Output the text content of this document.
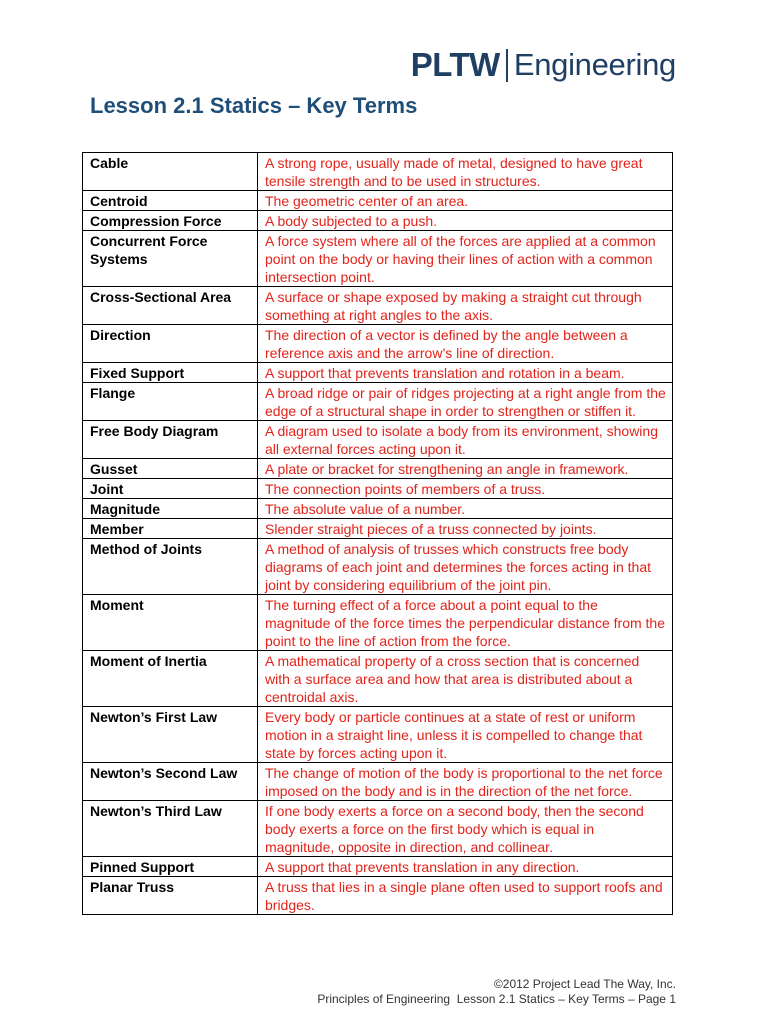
PLTW Engineering
Lesson 2.1 Statics – Key Terms
Cable	A strong rope, usually made of metal, designed to have great tensile strength and to be used in structures.
Centroid	The geometric center of an area.
Compression Force	A body subjected to a push.
Concurrent Force Systems	A force system where all of the forces are applied at a common point on the body or having their lines of action with a common intersection point.
Cross-Sectional Area	A surface or shape exposed by making a straight cut through something at right angles to the axis.
Direction	The direction of a vector is defined by the angle between a reference axis and the arrow’s line of direction.
Fixed Support	A support that prevents translation and rotation in a beam.
Flange	A broad ridge or pair of ridges projecting at a right angle from the edge of a structural shape in order to strengthen or stiffen it.
Free Body Diagram	A diagram used to isolate a body from its environment, showing all external forces acting upon it.
Gusset	A plate or bracket for strengthening an angle in framework.
Joint	The connection points of members of a truss.
Magnitude	The absolute value of a number.
Member	Slender straight pieces of a truss connected by joints.
Method of Joints	A method of analysis of trusses which constructs free body diagrams of each joint and determines the forces acting in that joint by considering equilibrium of the joint pin.
Moment	The turning effect of a force about a point equal to the magnitude of the force times the perpendicular distance from the point to the line of action from the force.
Moment of Inertia	A mathematical property of a cross section that is concerned with a surface area and how that area is distributed about a centroidal axis.
Newton’s First Law	Every body or particle continues at a state of rest or uniform motion in a straight line, unless it is compelled to change that state by forces acting upon it.
Newton’s Second Law	The change of motion of the body is proportional to the net force imposed on the body and is in the direction of the net force.
Newton’s Third Law	If one body exerts a force on a second body, then the second body exerts a force on the first body which is equal in magnitude, opposite in direction, and collinear.
Pinned Support	A support that prevents translation in any direction.
Planar Truss	A truss that lies in a single plane often used to support roofs and bridges.
©2012 Project Lead The Way, Inc.
Principles of Engineering  Lesson 2.1 Statics – Key Terms – Page 1
